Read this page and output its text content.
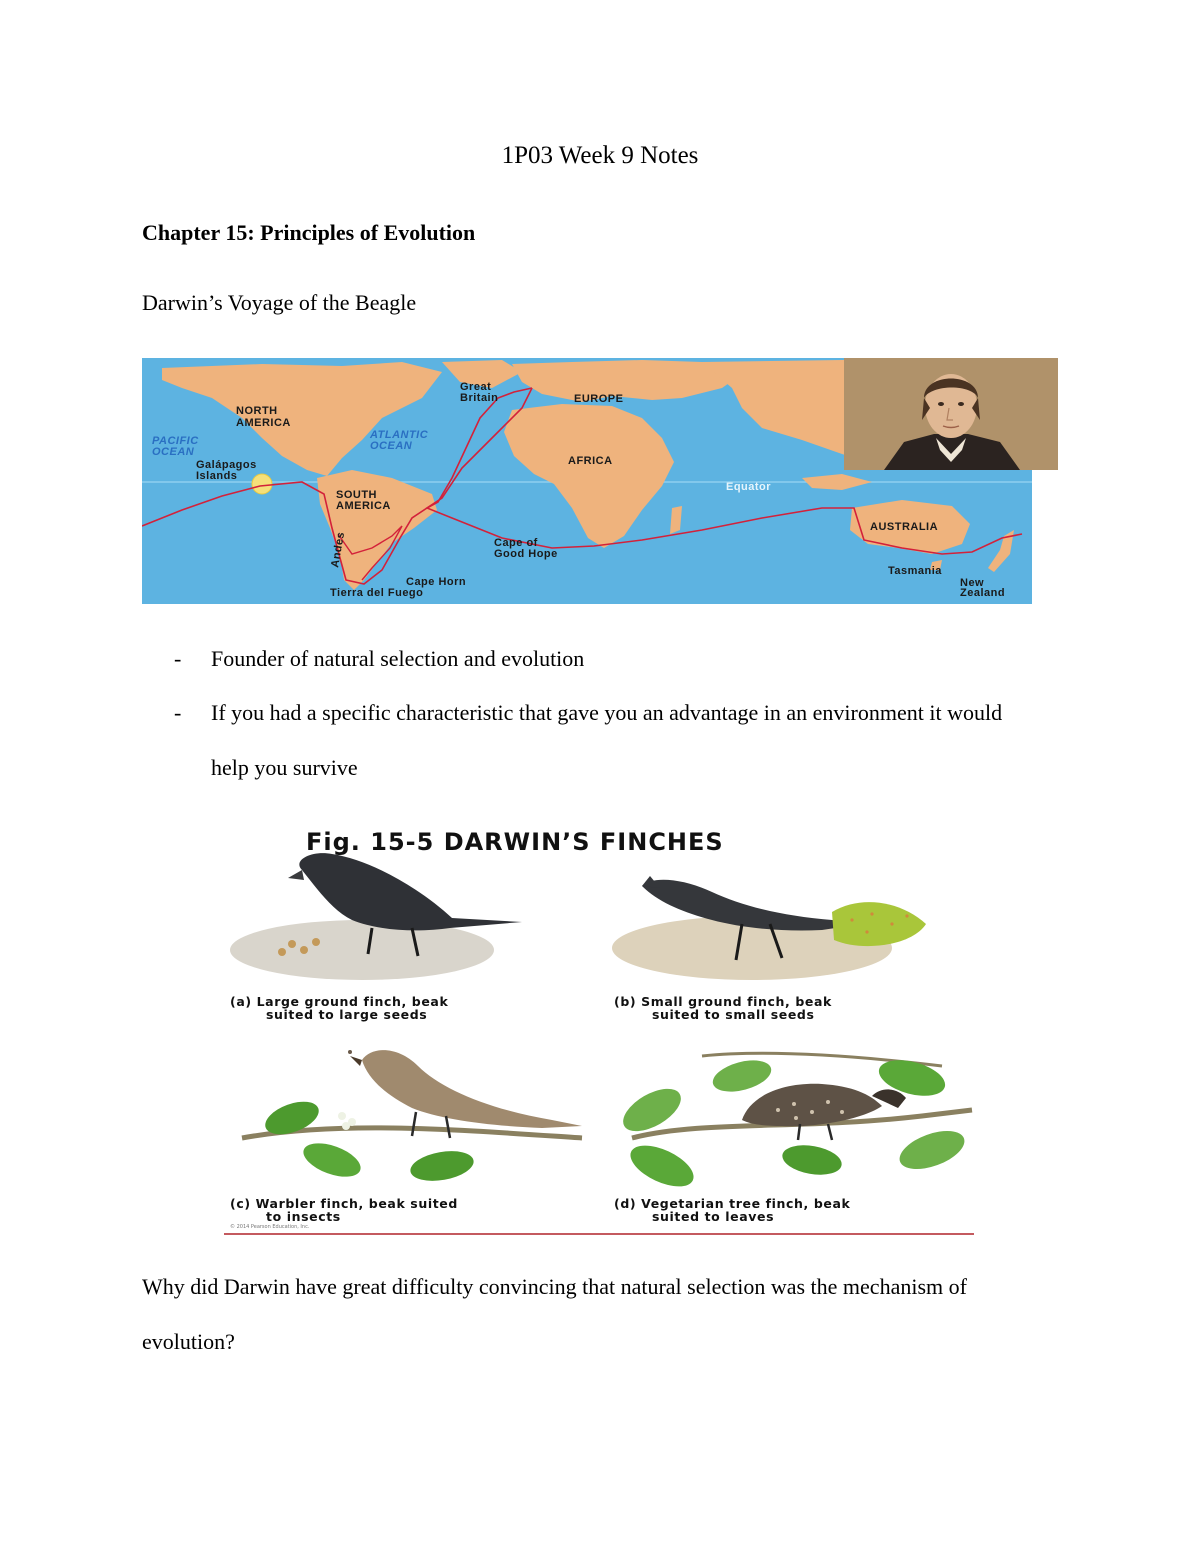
1P03 Week 9 Notes
Chapter 15: Principles of Evolution
Darwin’s Voyage of the Beagle
NORTH
AMERICA
PACIFIC
OCEAN
ATLANTIC
OCEAN
Great
Britain	EUROPE
AFRICA
Galápagos
Islands
SOUTH
AMERICA
Equator
AUSTRALIA
Cape of
Good Hope
Andes
Cape Horn
Tierra del Fuego
Tasmania
New
Zealand
- Founder of natural selection and evolution
- If you had a specific characteristic that gave you an advantage in an environment it would
help you survive
Fig. 15-5 DARWIN’S FINCHES
(a) Large ground finch, beak
suited to large seeds
(b) Small ground finch, beak
suited to small seeds
(c) Warbler finch, beak suited
to insects
© 2014 Pearson Education, Inc.
(d) Vegetarian tree finch, beak
suited to leaves
Why did Darwin have great difficulty convincing that natural selection was the mechanism of
evolution?
